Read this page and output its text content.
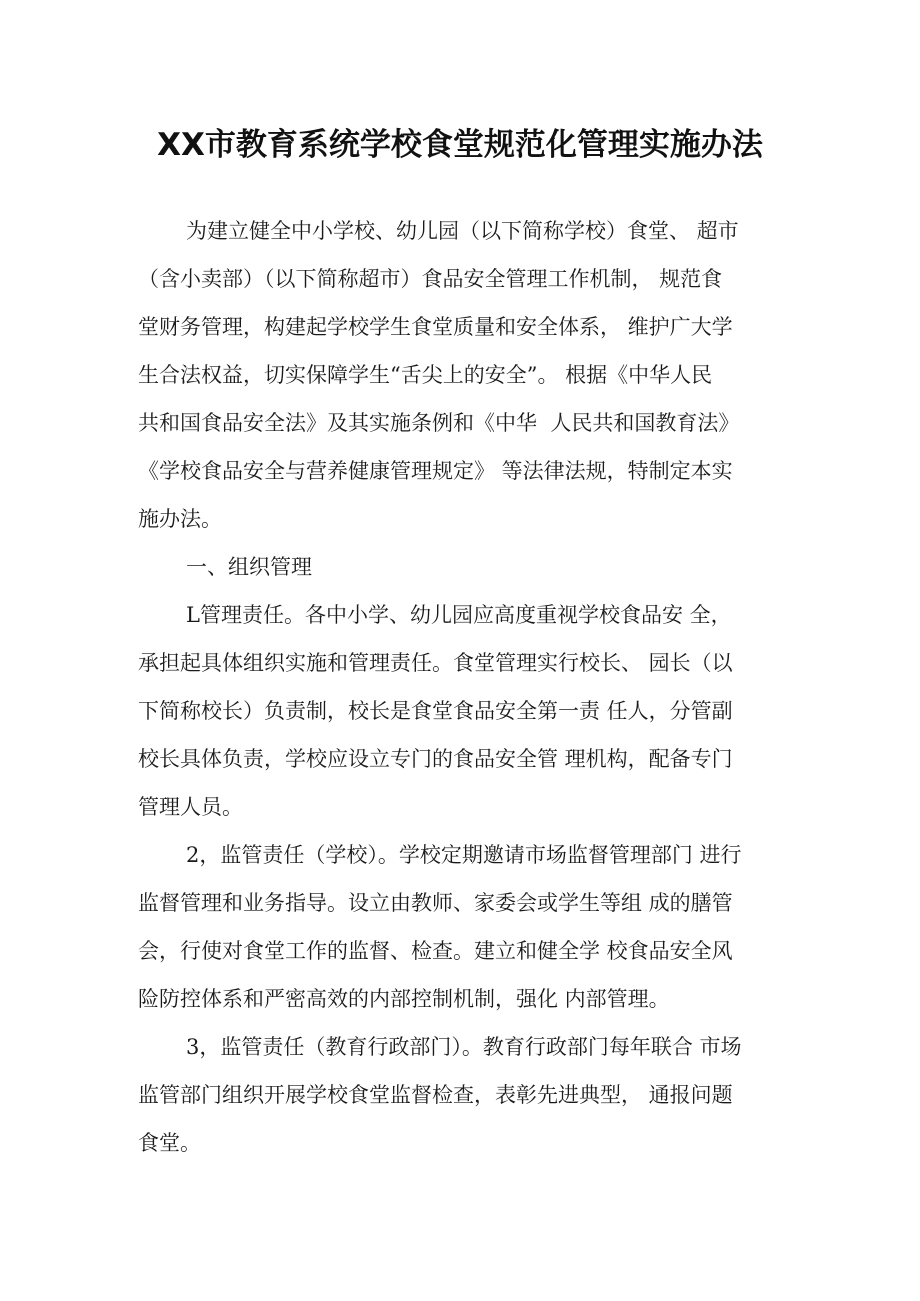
XX市教育系统学校食堂规范化管理实施办法
为建立健全中小学校、幼儿园（以下简称学校）食堂、 超市
（含小卖部）（以下简称超市）食品安全管理工作机制， 规范食
堂财务管理，构建起学校学生食堂质量和安全体系， 维护广大学
生合法权益，切实保障学生“舌尖上的安全”。 根据《中华人民
共和国食品安全法》及其实施条例和《中华  人民共和国教育法》
《学校食品安全与营养健康管理规定》 等法律法规，特制定本实
施办法。
一、组织管理
L管理责任。各中小学、幼儿园应高度重视学校食品安 全，
承担起具体组织实施和管理责任。食堂管理实行校长、 园长（以
下简称校长）负责制，校长是食堂食品安全第一责 任人，分管副
校长具体负责，学校应设立专门的食品安全管 理机构，配备专门
管理人员。
2，监管责任（学校）。学校定期邀请市场监督管理部门 进行
监督管理和业务指导。设立由教师、家委会或学生等组 成的膳管
会，行使对食堂工作的监督、检查。建立和健全学 校食品安全风
险防控体系和严密高效的内部控制机制，强化 内部管理。
3，监管责任（教育行政部门）。教育行政部门每年联合 市场
监管部门组织开展学校食堂监督检查，表彰先进典型， 通报问题
食堂。
